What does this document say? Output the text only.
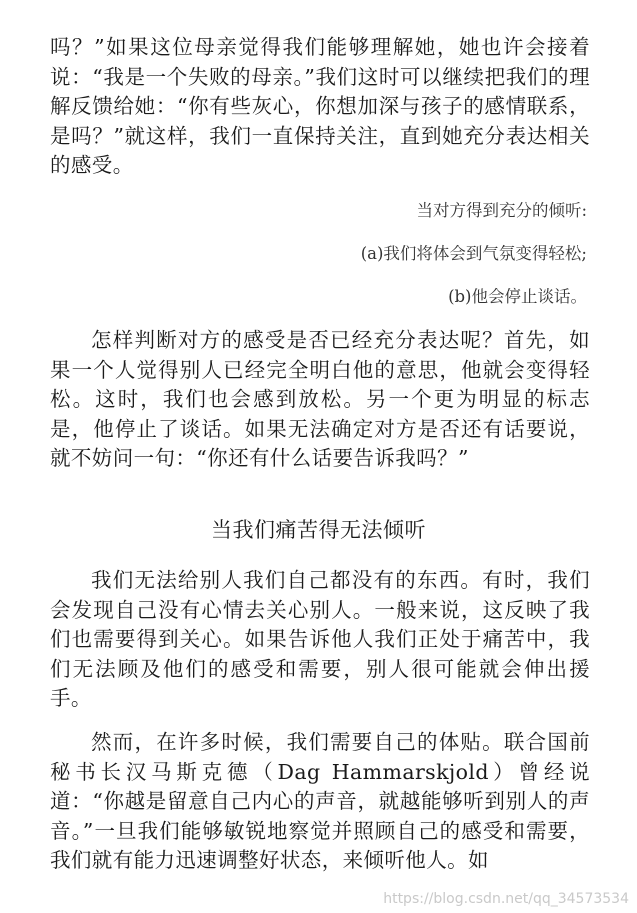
吗？”如果这位母亲觉得我们能够理解她，她也许会接着说：“我是一个失败的母亲。”我们这时可以继续把我们的理解反馈给她：“你有些灰心，你想加深与孩子的感情联系，是吗？”就这样，我们一直保持关注，直到她充分表达相关的感受。

当对方得到充分的倾听:

(a)我们将体会到气氛变得轻松;

(b)他会停止谈话。

怎样判断对方的感受是否已经充分表达呢？首先，如果一个人觉得别人已经完全明白他的意思，他就会变得轻松。这时，我们也会感到放松。另一个更为明显的标志是，他停止了谈话。如果无法确定对方是否还有话要说，就不妨问一句：“你还有什么话要告诉我吗？”

当我们痛苦得无法倾听

我们无法给别人我们自己都没有的东西。有时，我们会发现自己没有心情去关心别人。一般来说，这反映了我们也需要得到关心。如果告诉他人我们正处于痛苦中，我们无法顾及他们的感受和需要，别人很可能就会伸出援手。

然而，在许多时候，我们需要自己的体贴。联合国前秘书长汉马斯克德（Dag Hammarskjold）曾经说道：“你越是留意自己内心的声音，就越能够听到别人的声音。”一旦我们能够敏锐地察觉并照顾自己的感受和需要，我们就有能力迅速调整好状态，来倾听他人。如

https://blog.csdn.net/qq_34573534
